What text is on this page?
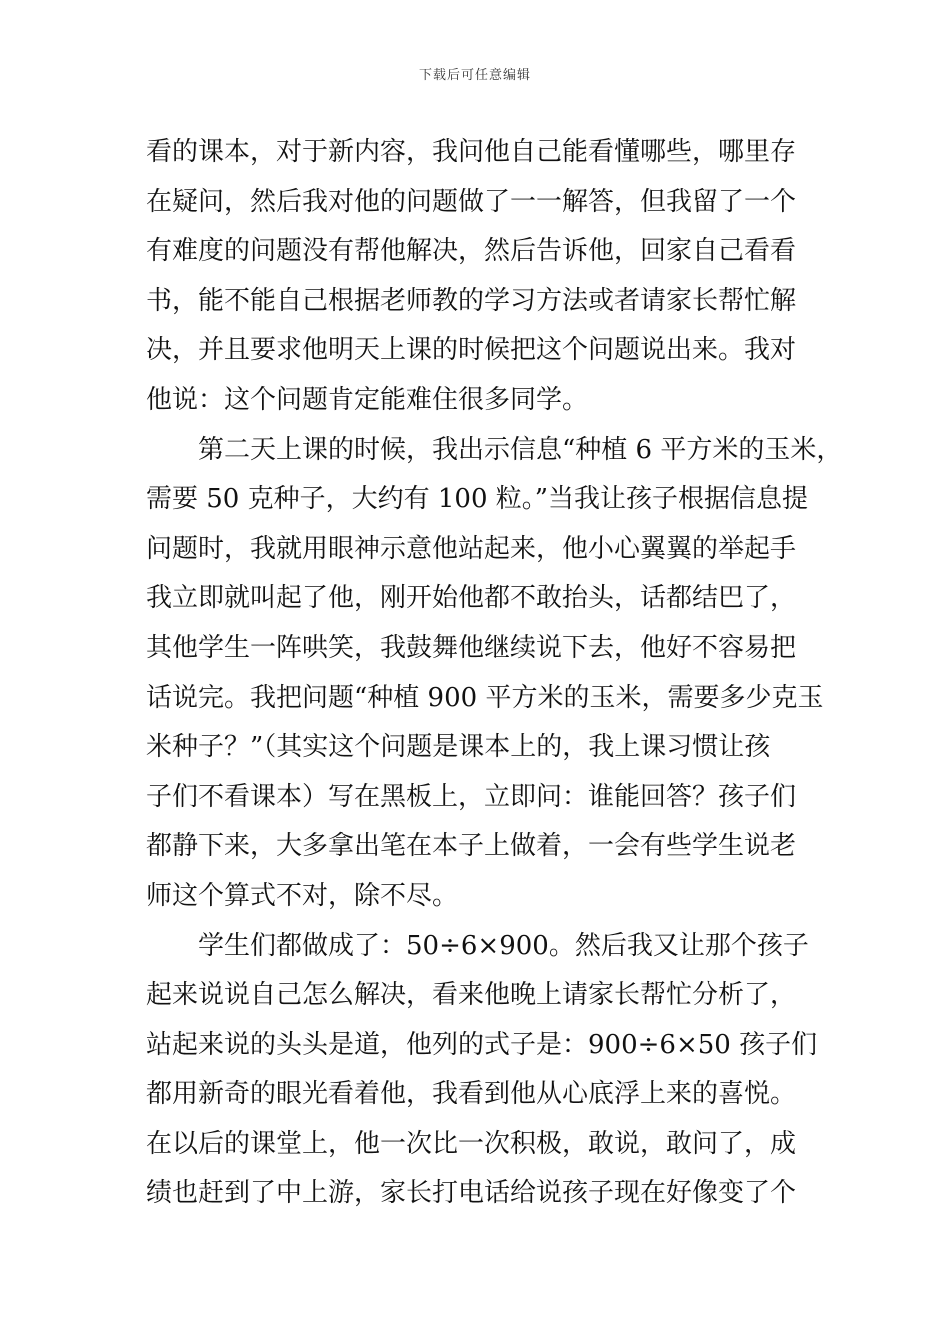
下载后可任意编辑
看的课本，对于新内容，我问他自己能看懂哪些，哪里存
在疑问，然后我对他的问题做了一一解答，但我留了一个
有难度的问题没有帮他解决，然后告诉他，回家自己看看
书，能不能自己根据老师教的学习方法或者请家长帮忙解
决，并且要求他明天上课的时候把这个问题说出来。我对
他说：这个问题肯定能难住很多同学。
　　第二天上课的时候，我出示信息“种植 6 平方米的玉米，
需要 50 克种子，大约有 100 粒。”当我让孩子根据信息提
问题时，我就用眼神示意他站起来，他小心翼翼的举起手
我立即就叫起了他，刚开始他都不敢抬头，话都结巴了，
其他学生一阵哄笑，我鼓舞他继续说下去，他好不容易把
话说完。我把问题“种植 900 平方米的玉米，需要多少克玉
米种子？”（其实这个问题是课本上的，我上课习惯让孩
子们不看课本）写在黑板上，立即问：谁能回答？孩子们
都静下来，大多拿出笔在本子上做着，一会有些学生说老
师这个算式不对，除不尽。
　　学生们都做成了：50÷6×900。然后我又让那个孩子
起来说说自己怎么解决，看来他晚上请家长帮忙分析了，
站起来说的头头是道，他列的式子是：900÷6×50 孩子们
都用新奇的眼光看着他，我看到他从心底浮上来的喜悦。
在以后的课堂上，他一次比一次积极，敢说，敢问了，成
绩也赶到了中上游，家长打电话给说孩子现在好像变了个
